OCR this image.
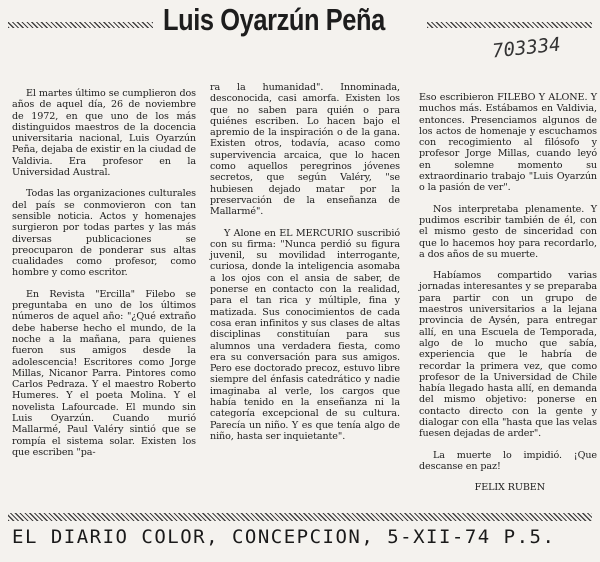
Luis Oyarzún Peña
703334

El martes último se cumplieron dos años de aquel día, 26 de noviembre de 1972, en que uno de los más distinguidos maestros de la docencia universitaria nacional, Luis Oyarzún Peña, dejaba de existir en la ciudad de Valdivia. Era profesor en la Universidad Austral.

Todas las organizaciones culturales del país se conmovieron con tan sensible noticia. Actos y homenajes surgieron por todas partes y las más diversas publicaciones se preocuparon de ponderar sus altas cualidades como profesor, como hombre y como escritor.

En Revista "Ercilla" Filebo se preguntaba en uno de los últimos números de aquel año: "¿Qué extraño debe haberse hecho el mundo, de la noche a la mañana, para quienes fueron sus amigos desde la adolescencia! Escritores como Jorge Millas, Nicanor Parra. Pintores como Carlos Pedraza. Y el maestro Roberto Humeres. Y el poeta Molina. Y el novelista Lafourcade. El mundo sin Luis Oyarzún. Cuando murió Mallarmé, Paul Valéry sintió que se rompía el sistema solar. Existen los que escriben "pa-

ra la humanidad". Innominada, desconocida, casi amorfa. Existen los que no saben para quién o para quiénes escriben. Lo hacen bajo el apremio de la inspiración o de la gana. Existen otros, todavía, acaso como supervivencia arcaica, que lo hacen como aquellos peregrinos jóvenes secretos, que según Valéry, "se hubiesen dejado matar por la preservación de la enseñanza de Mallarmé".

Y Alone en EL MERCURIO suscribió con su firma: "Nunca perdió su figura juvenil, su movilidad interrogante, curiosa, donde la inteligencia asomaba a los ojos con el ansia de saber, de ponerse en contacto con la realidad, para el tan rica y múltiple, fina y matizada. Sus conocimientos de cada cosa eran infinitos y sus clases de altas disciplinas constituían para sus alumnos una verdadera fiesta, como era su conversación para sus amigos. Pero ese doctorado precoz, estuvo libre siempre del énfasis catedrático y nadie imaginaba al verle, los cargos que había tenido en la enseñanza ni la categoría excepcional de su cultura. Parecía un niño. Y es que tenía algo de niño, hasta ser inquietante".

Eso escribieron FILEBO Y ALONE. Y muchos más. Estábamos en Valdivia, entonces. Presenciamos algunos de los actos de homenaje y escuchamos con recogimiento al filósofo y profesor Jorge Millas, cuando leyó en solemne momento su extraordinario trabajo "Luis Oyarzún o la pasión de ver".

Nos interpretaba plenamente. Y pudimos escribir también de él, con el mismo gesto de sinceridad con que lo hacemos hoy para recordarlo, a dos años de su muerte.

Habíamos compartido varias jornadas interesantes y se preparaba para partir con un grupo de maestros universitarios a la lejana provincia de Aysén, para entregar allí, en una Escuela de Temporada, algo de lo mucho que sabía, experiencia que le habría de recordar la primera vez, que como profesor de la Universidad de Chile había llegado hasta allí, en demanda del mismo objetivo: ponerse en contacto directo con la gente y dialogar con ella "hasta que las velas fuesen dejadas de arder".

La muerte lo impidió. ¡Que descanse en paz!

FELIX RUBEN

EL DIARIO COLOR, CONCEPCION, 5-XII-74 P.5.
